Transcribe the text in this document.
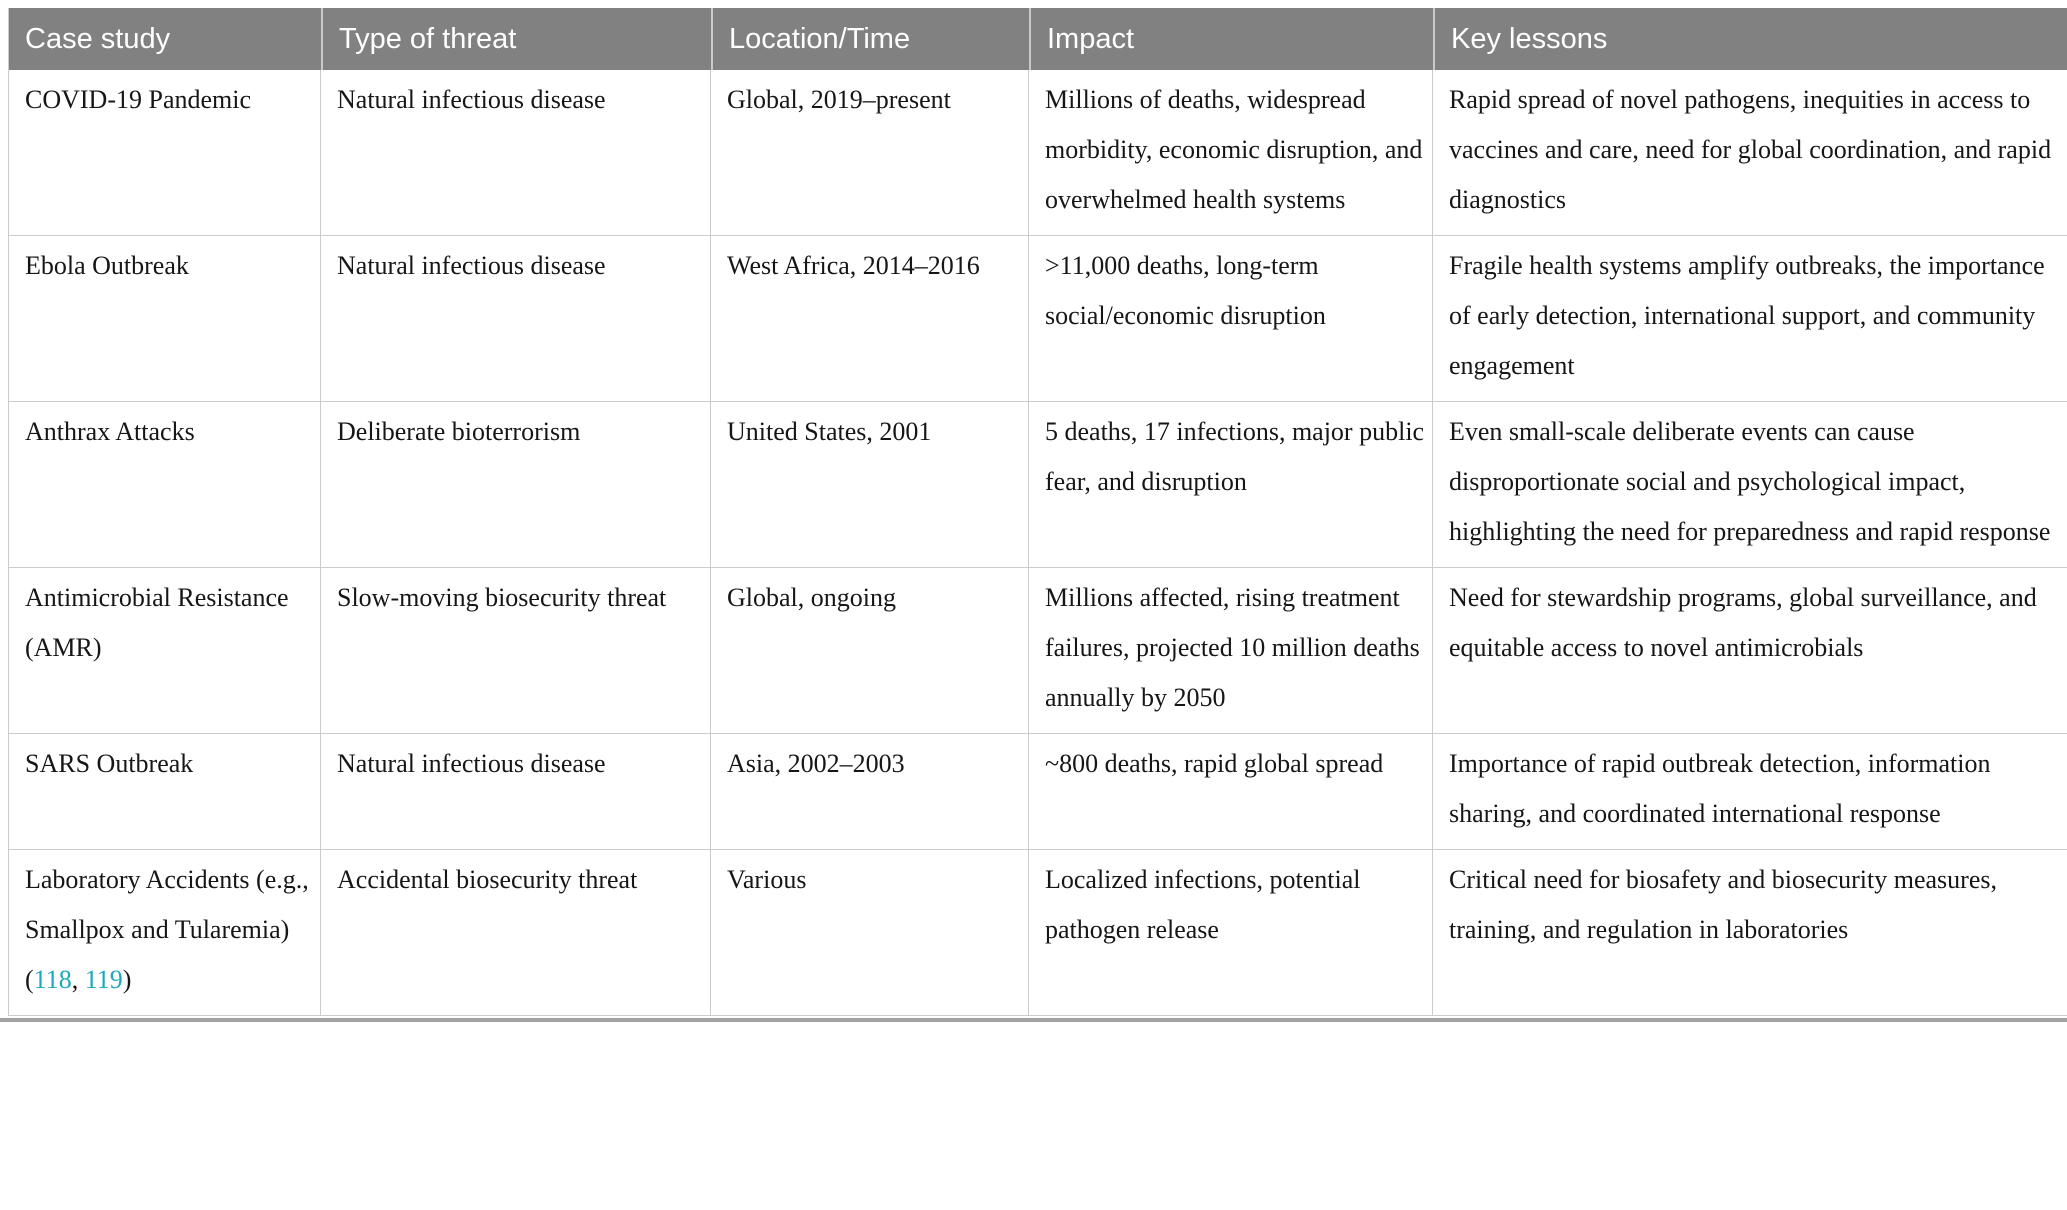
Case study	Type of threat	Location/Time	Impact	Key lessons
COVID-19 Pandemic	Natural infectious disease	Global, 2019–present	Millions of deaths, widespread morbidity, economic disruption, and overwhelmed health systems	Rapid spread of novel pathogens, inequities in access to vaccines and care, need for global coordination, and rapid diagnostics
Ebola Outbreak	Natural infectious disease	West Africa, 2014–2016	>11,000 deaths, long-term social/economic disruption	Fragile health systems amplify outbreaks, the importance of early detection, international support, and community engagement
Anthrax Attacks	Deliberate bioterrorism	United States, 2001	5 deaths, 17 infections, major public fear, and disruption	Even small-scale deliberate events can cause disproportionate social and psychological impact, highlighting the need for preparedness and rapid response
Antimicrobial Resistance (AMR)	Slow-moving biosecurity threat	Global, ongoing	Millions affected, rising treatment failures, projected 10 million deaths annually by 2050	Need for stewardship programs, global surveillance, and equitable access to novel antimicrobials
SARS Outbreak	Natural infectious disease	Asia, 2002–2003	~800 deaths, rapid global spread	Importance of rapid outbreak detection, information sharing, and coordinated international response
Laboratory Accidents (e.g., Smallpox and Tularemia) (118, 119)	Accidental biosecurity threat	Various	Localized infections, potential pathogen release	Critical need for biosafety and biosecurity measures, training, and regulation in laboratories
